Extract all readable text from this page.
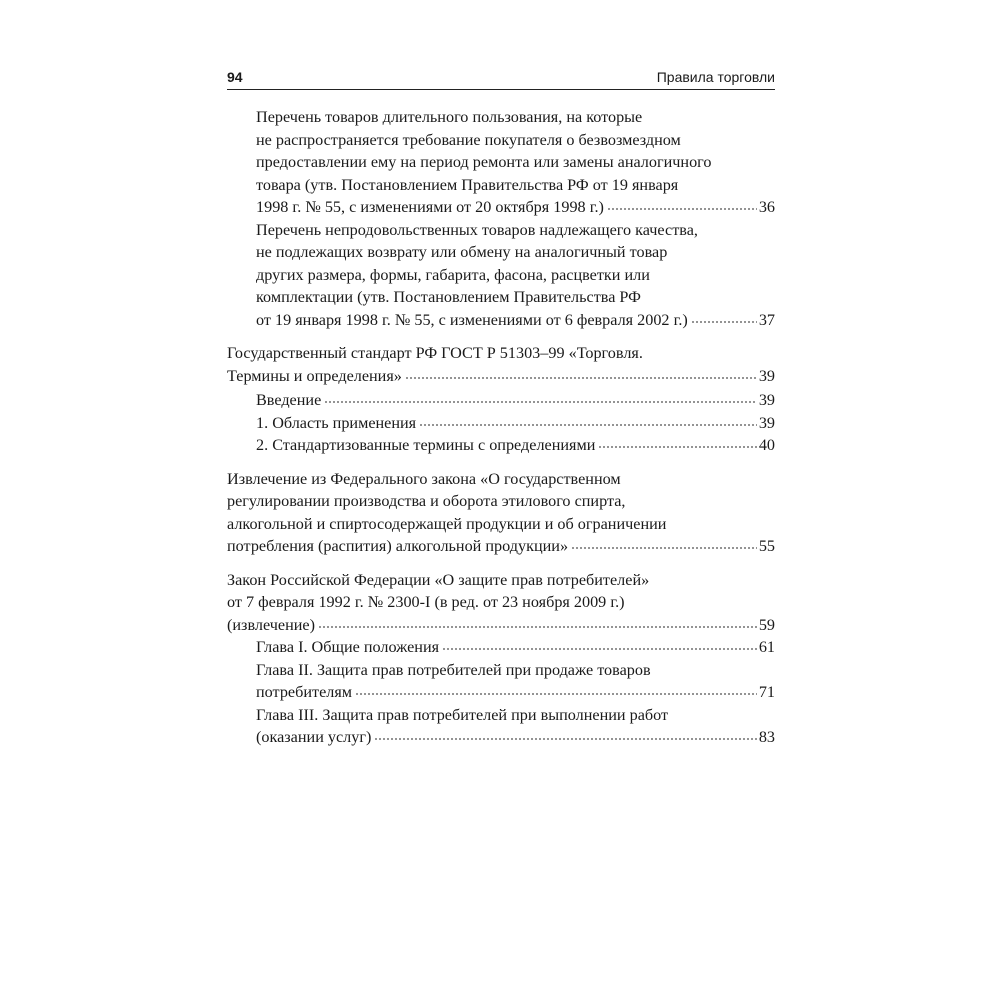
94	Правила торговли
Перечень товаров длительного пользования, на которые
не распространяется требование покупателя о безвозмездном
предоставлении ему на период ремонта или замены аналогичного
товара (утв. Постановлением Правительства РФ от 19 января
1998 г. № 55, с изменениями от 20 октября 1998 г.)	36
Перечень непродовольственных товаров надлежащего качества,
не подлежащих возврату или обмену на аналогичный товар
других размера, формы, габарита, фасона, расцветки или
комплектации (утв. Постановлением Правительства РФ
от 19 января 1998 г. № 55, с изменениями от 6 февраля 2002 г.)	37
Государственный стандарт РФ ГОСТ Р 51303–99 «Торговля.
Термины и определения»	39
Введение	39
1. Область применения	39
2. Стандартизованные термины с определениями	40
Извлечение из Федерального закона «О государственном
регулировании производства и оборота этилового спирта,
алкогольной и спиртосодержащей продукции и об ограничении
потребления (распития) алкогольной продукции»	55
Закон Российской Федерации «О защите прав потребителей»
от 7 февраля 1992 г. № 2300-I (в ред. от 23 ноября 2009 г.)
(извлечение)	59
Глава I. Общие положения	61
Глава II. Защита прав потребителей при продаже товаров
потребителям	71
Глава III. Защита прав потребителей при выполнении работ
(оказании услуг)	83
